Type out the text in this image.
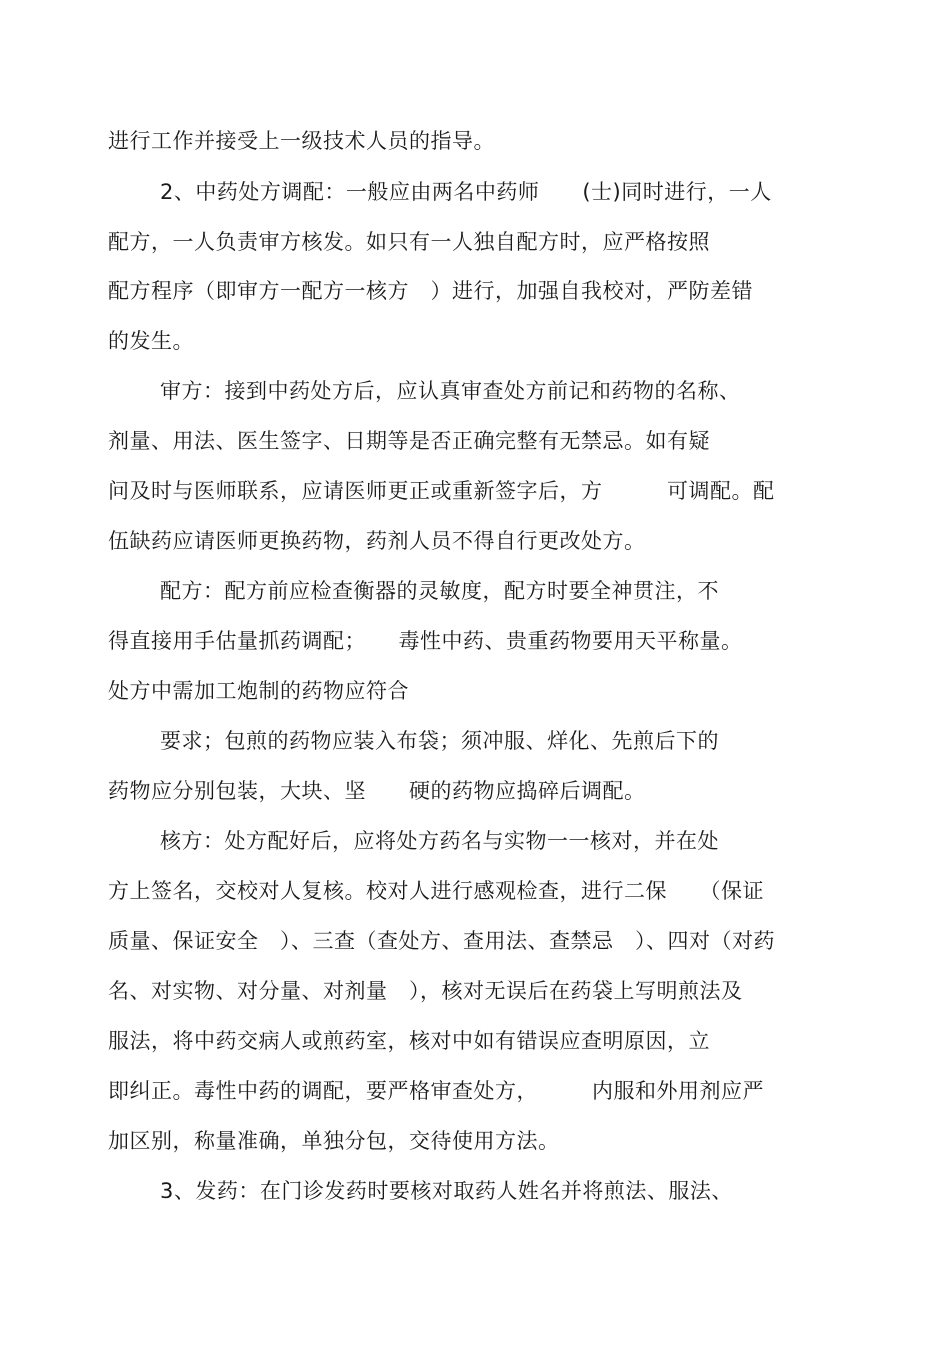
进行工作并接受上一级技术人员的指导。
2、中药处方调配：一般应由两名中药师　　(士)同时进行，一人
配方，一人负责审方核发。如只有一人独自配方时，应严格按照
配方程序（即审方一配方一核方　）进行，加强自我校对，严防差错
的发生。
审方：接到中药处方后，应认真审查处方前记和药物的名称、
剂量、用法、医生签字、日期等是否正确完整有无禁忌。如有疑
问及时与医师联系，应请医师更正或重新签字后，方　　　可调配。配
伍缺药应请医师更换药物，药剂人员不得自行更改处方。
配方：配方前应检查衡器的灵敏度，配方时要全神贯注，不
得直接用手估量抓药调配；　　毒性中药、贵重药物要用天平称量。
处方中需加工炮制的药物应符合
要求；包煎的药物应装入布袋；须冲服、烊化、先煎后下的
药物应分别包装，大块、坚　　硬的药物应捣碎后调配。
核方：处方配好后，应将处方药名与实物一一核对，并在处
方上签名，交校对人复核。校对人进行感观检查，进行二保　　（保证
质量、保证安全　）、三查（查处方、查用法、查禁忌　）、四对（对药
名、对实物、对分量、对剂量　），核对无误后在药袋上写明煎法及
服法，将中药交病人或煎药室，核对中如有错误应查明原因，立
即纠正。毒性中药的调配，要严格审查处方，　　　内服和外用剂应严
加区别，称量准确，单独分包，交待使用方法。
3、发药：在门诊发药时要核对取药人姓名并将煎法、服法、
